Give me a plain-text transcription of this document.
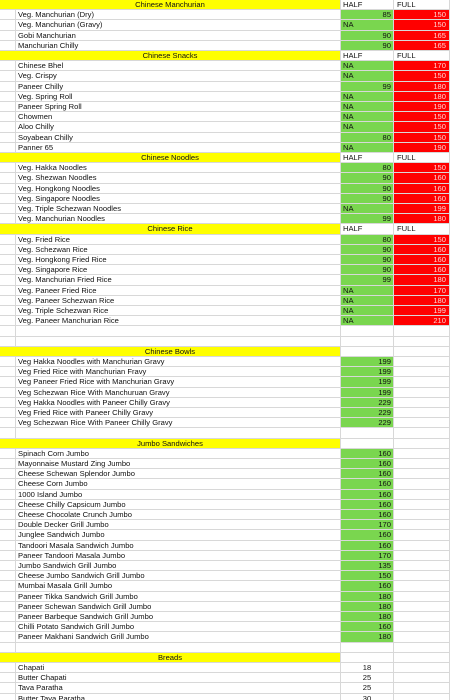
Chinese Manchurian	HALF	FULL
Veg. Manchurian (Dry)	85	150
Veg. Manchurian (Gravy)	NA	150
Gobi Manchurian	90	165
Manchurian Chilly	90	165
Chinese Snacks	HALF	FULL
Chinese Bhel	NA	170
Veg. Crispy	NA	150
Paneer Chilly	99	180
Veg. Spring Roll	NA	180
Paneer Spring Roll	NA	190
Chowmen	NA	150
Aloo Chilly	NA	150
Soyabean Chilly	80	150
Panner 65	NA	190
Chinese Noodles	HALF	FULL
Veg. Hakka Noodles	80	150
Veg. Shezwan Noodles	90	160
Veg. Hongkong Noodles	90	160
Veg. Singapore Noodles	90	160
Veg. Triple Schezwan Noodles	NA	199
Veg. Manchurian Noodles	99	180
Chinese Rice	HALF	FULL
Veg. Fried Rice	80	150
Veg. Schezwan Rice	90	160
Veg. Hongkong Fried Rice	90	160
Veg. Singapore Rice	90	160
Veg. Manchurian Fried Rice	99	180
Veg. Paneer Fried Rice	NA	170
Veg. Paneer Schezwan Rice	NA	180
Veg. Triple Schezwan Rice	NA	199
Veg. Paneer Manchurian Rice	NA	210
Chinese Bowls
Veg Hakka Noodles with Manchurian Gravy	199
Veg Fried Rice with Manchurian Fravy	199
Veg Paneer Fried Rice with Manchurian Gravy	199
Veg Schezwan Rice With Manchuruan Gravy	199
Veg Hakka Noodles with Paneer Chilly Gravy	229
Veg Fried Rice with Paneer Chilly Gravy	229
Veg Schezwan Rice With Paneer Chilly Gravy	229
Jumbo Sandwiches
Spinach Corn Jumbo	160
Mayonnaise Mustard Zing Jumbo	160
Cheese Schewan Splendor Jumbo	160
Cheese Corn Jumbo	160
1000 Island Jumbo	160
Cheese Chilly Capsicum Jumbo	160
Cheese Chocolate Crunch Jumbo	160
Double Decker Grill Jumbo	170
Junglee Sandwich Jumbo	160
Tandoori Masala Sandwich Jumbo	160
Paneer Tandoori Masala Jumbo	170
Jumbo Sandwich Grill Jumbo	135
Cheese Jumbo Sandwich Grill Jumbo	150
Mumbai Masala Grill Jumbo	160
Paneer Tikka Sandwich Grill Jumbo	180
Paneer Schewan Sandwich Grill Jumbo	180
Paneer Barbeque Sandwich Grill Jumbo	180
Chilli Potato Sandwich Grill Jumbo	160
Paneer Makhani Sandwich Grill Jumbo	180
Breads
Chapati	18
Butter Chapati	25
Tava Paratha	25
Butter Tava Paratha	30
